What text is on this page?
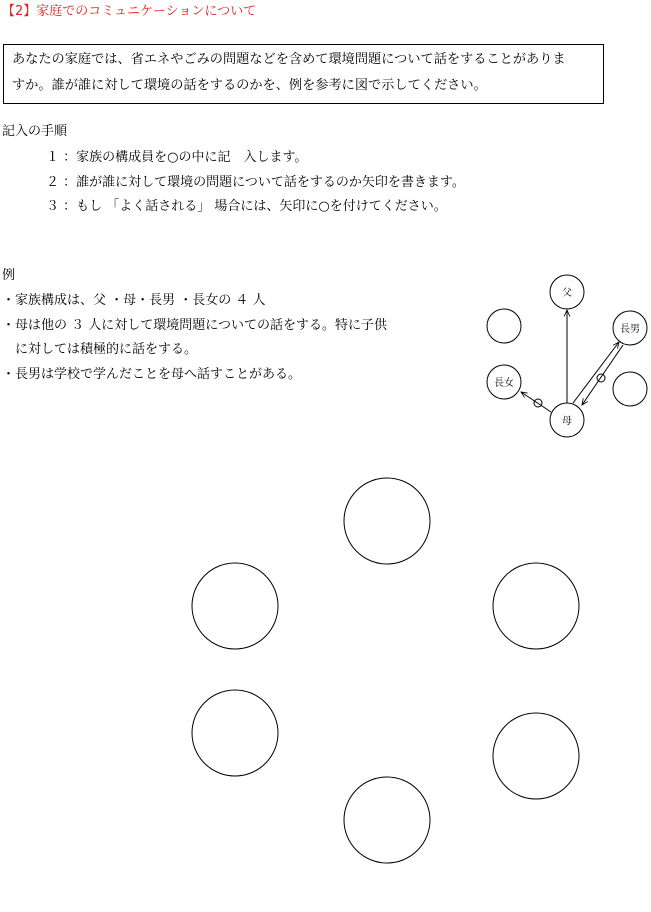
【2】家庭でのコミュニケーションについて
あなたの家庭では、省エネやごみの問題などを含めて環境問題について話をすることがありま
すか。誰が誰に対して環境の話をするのかを、例を参考に図で示してください。
記入の手順
１ ：家族の構成員を○の中に記　入します。
２ ：誰が誰に対して環境の問題について話をするのか矢印を書きます。
３ ：もし 「よく話される」 場合には、矢印に○を付けてください。
例
・家族構成は、父 ・母・長男 ・長女の ４ 人
・母は他の ３ 人に対して環境問題についての話をする。特に子供
　に対しては積極的に話をする。
・長男は学校で学んだことを母へ話すことがある。
父
長男
長女
母
